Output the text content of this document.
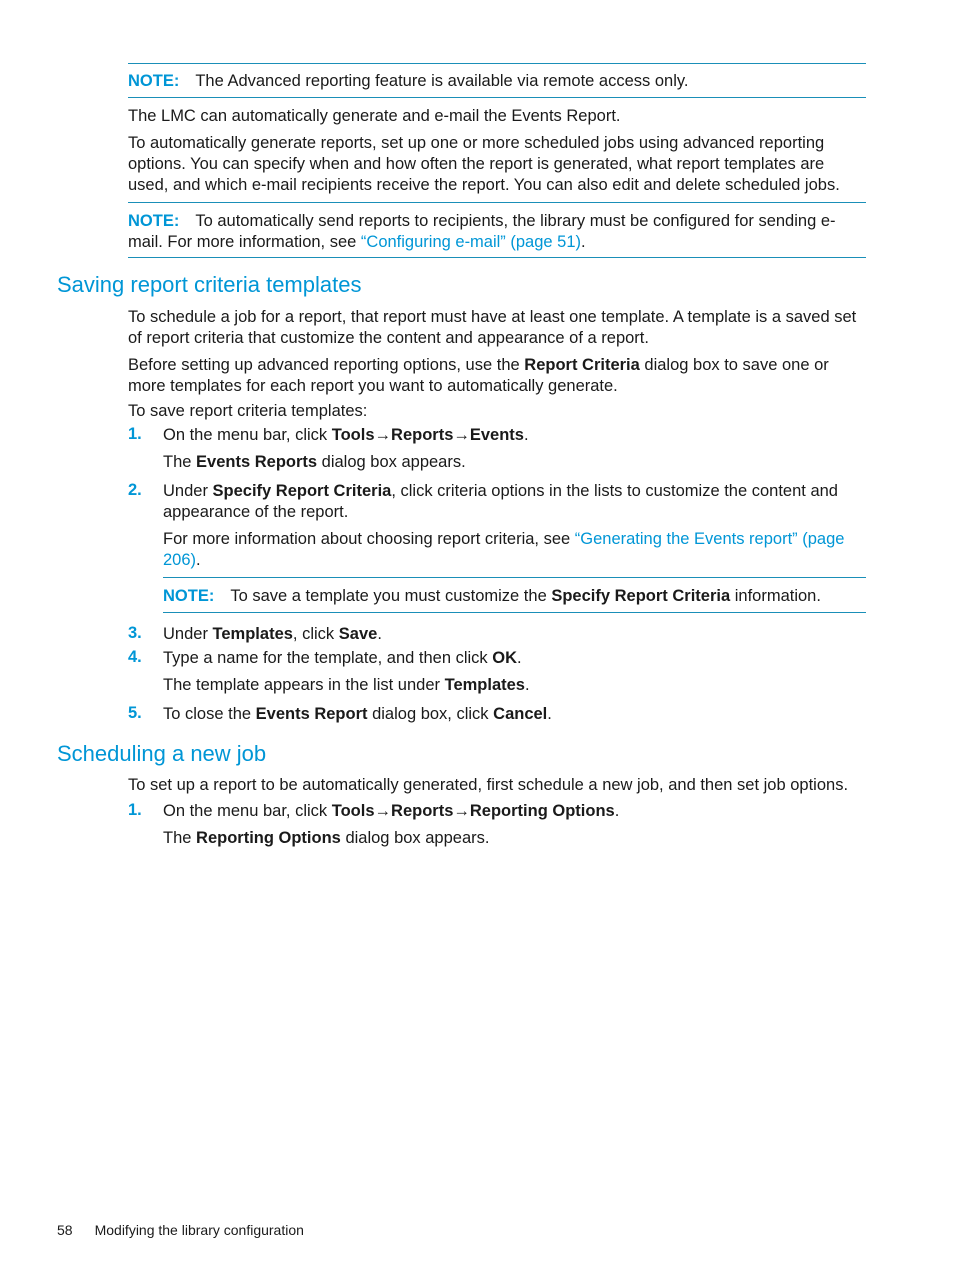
NOTE: The Advanced reporting feature is available via remote access only.
The LMC can automatically generate and e-mail the Events Report.
To automatically generate reports, set up one or more scheduled jobs using advanced reporting options. You can specify when and how often the report is generated, what report templates are used, and which e-mail recipients receive the report. You can also edit and delete scheduled jobs.
NOTE: To automatically send reports to recipients, the library must be configured for sending e-mail. For more information, see “Configuring e-mail” (page 51).
Saving report criteria templates
To schedule a job for a report, that report must have at least one template. A template is a saved set of report criteria that customize the content and appearance of a report.
Before setting up advanced reporting options, use the Report Criteria dialog box to save one or more templates for each report you want to automatically generate.
To save report criteria templates:
1. On the menu bar, click Tools→Reports→Events.
The Events Reports dialog box appears.
2. Under Specify Report Criteria, click criteria options in the lists to customize the content and appearance of the report.
For more information about choosing report criteria, see “Generating the Events report” (page 206).
NOTE: To save a template you must customize the Specify Report Criteria information.
3. Under Templates, click Save.
4. Type a name for the template, and then click OK.
The template appears in the list under Templates.
5. To close the Events Report dialog box, click Cancel.
Scheduling a new job
To set up a report to be automatically generated, first schedule a new job, and then set job options.
1. On the menu bar, click Tools→Reports→Reporting Options.
The Reporting Options dialog box appears.
58 Modifying the library configuration
